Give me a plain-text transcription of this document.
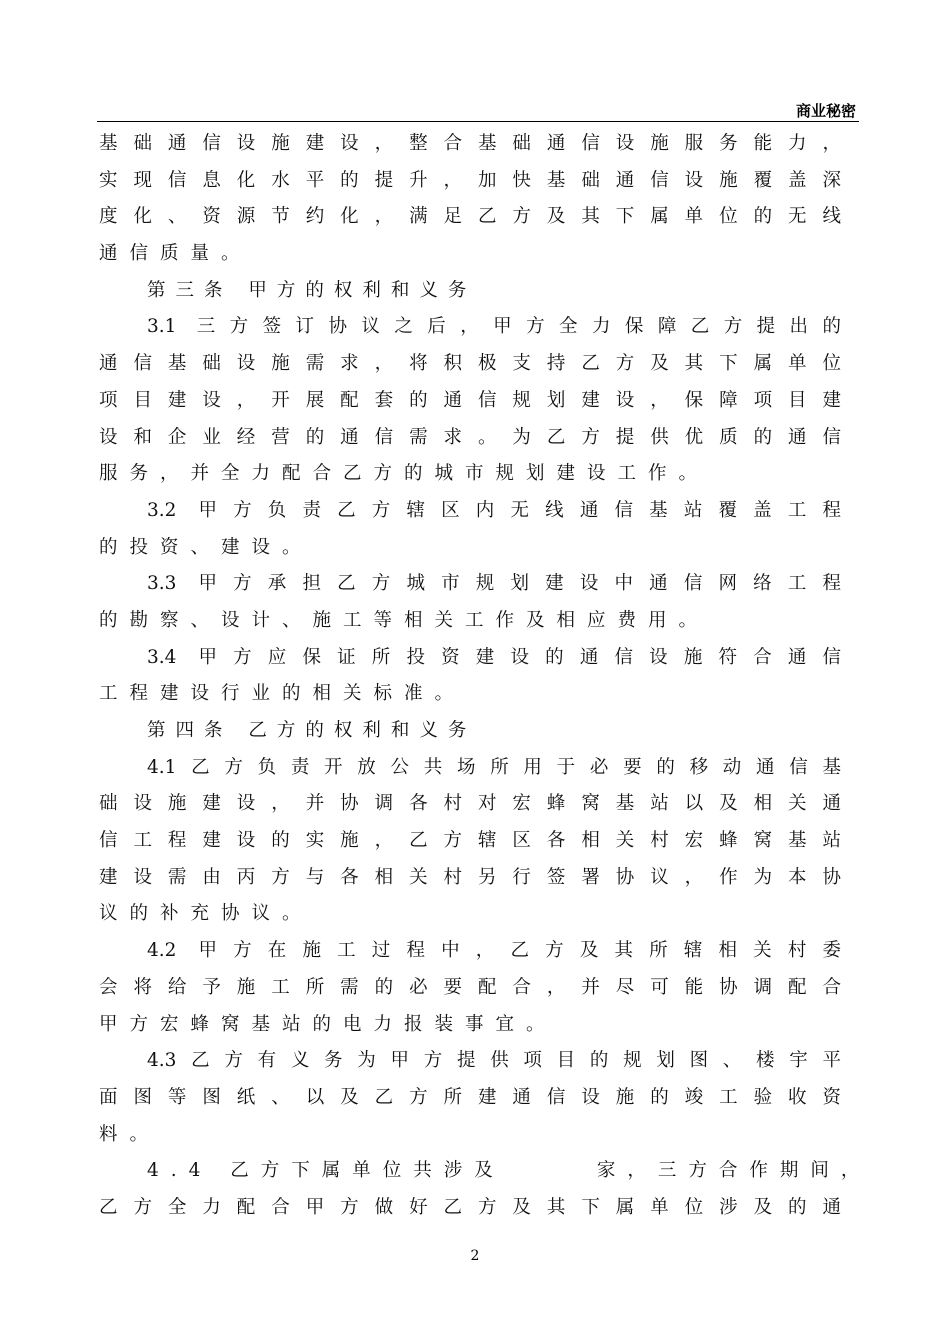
商业秘密
基础通信设施建设，整合基础通信设施服务能力，
实现信息化水平的提升，加快基础通信设施覆盖深
度化、资源节约化，满足乙方及其下属单位的无线
通信质量。
第三条 甲方的权利和义务
3.1 三方签订协议之后，甲方全力保障乙方提出的
通信基础设施需求，将积极支持乙方及其下属单位
项目建设，开展配套的通信规划建设，保障项目建
设和企业经营的通信需求。为乙方提供优质的通信
服务，并全力配合乙方的城市规划建设工作。
3.2 甲方负责乙方辖区内无线通信基站覆盖工程
的投资、建设。
3.3 甲方承担乙方城市规划建设中通信网络工程
的勘察、设计、施工等相关工作及相应费用。
3.4 甲方应保证所投资建设的通信设施符合通信
工程建设行业的相关标准。
第四条 乙方的权利和义务
4.1乙方负责开放公共场所用于必要的移动通信基
础设施建设，并协调各村对宏蜂窝基站以及相关通
信工程建设的实施，乙方辖区各相关村宏蜂窝基站
建设需由丙方与各相关村另行签署协议，作为本协
议的补充协议。
4.2 甲方在施工过程中，乙方及其所辖相关村委
会将给予施工所需的必要配合，并尽可能协调配合
甲方宏蜂窝基站的电力报装事宜。
4.3乙方有义务为甲方提供项目的规划图、楼宇平
面图等图纸、以及乙方所建通信设施的竣工验收资
料。
4.4 乙方下属单位共涉及	家，三方合作期间，
乙方全力配合甲方做好乙方及其下属单位涉及的通
2
